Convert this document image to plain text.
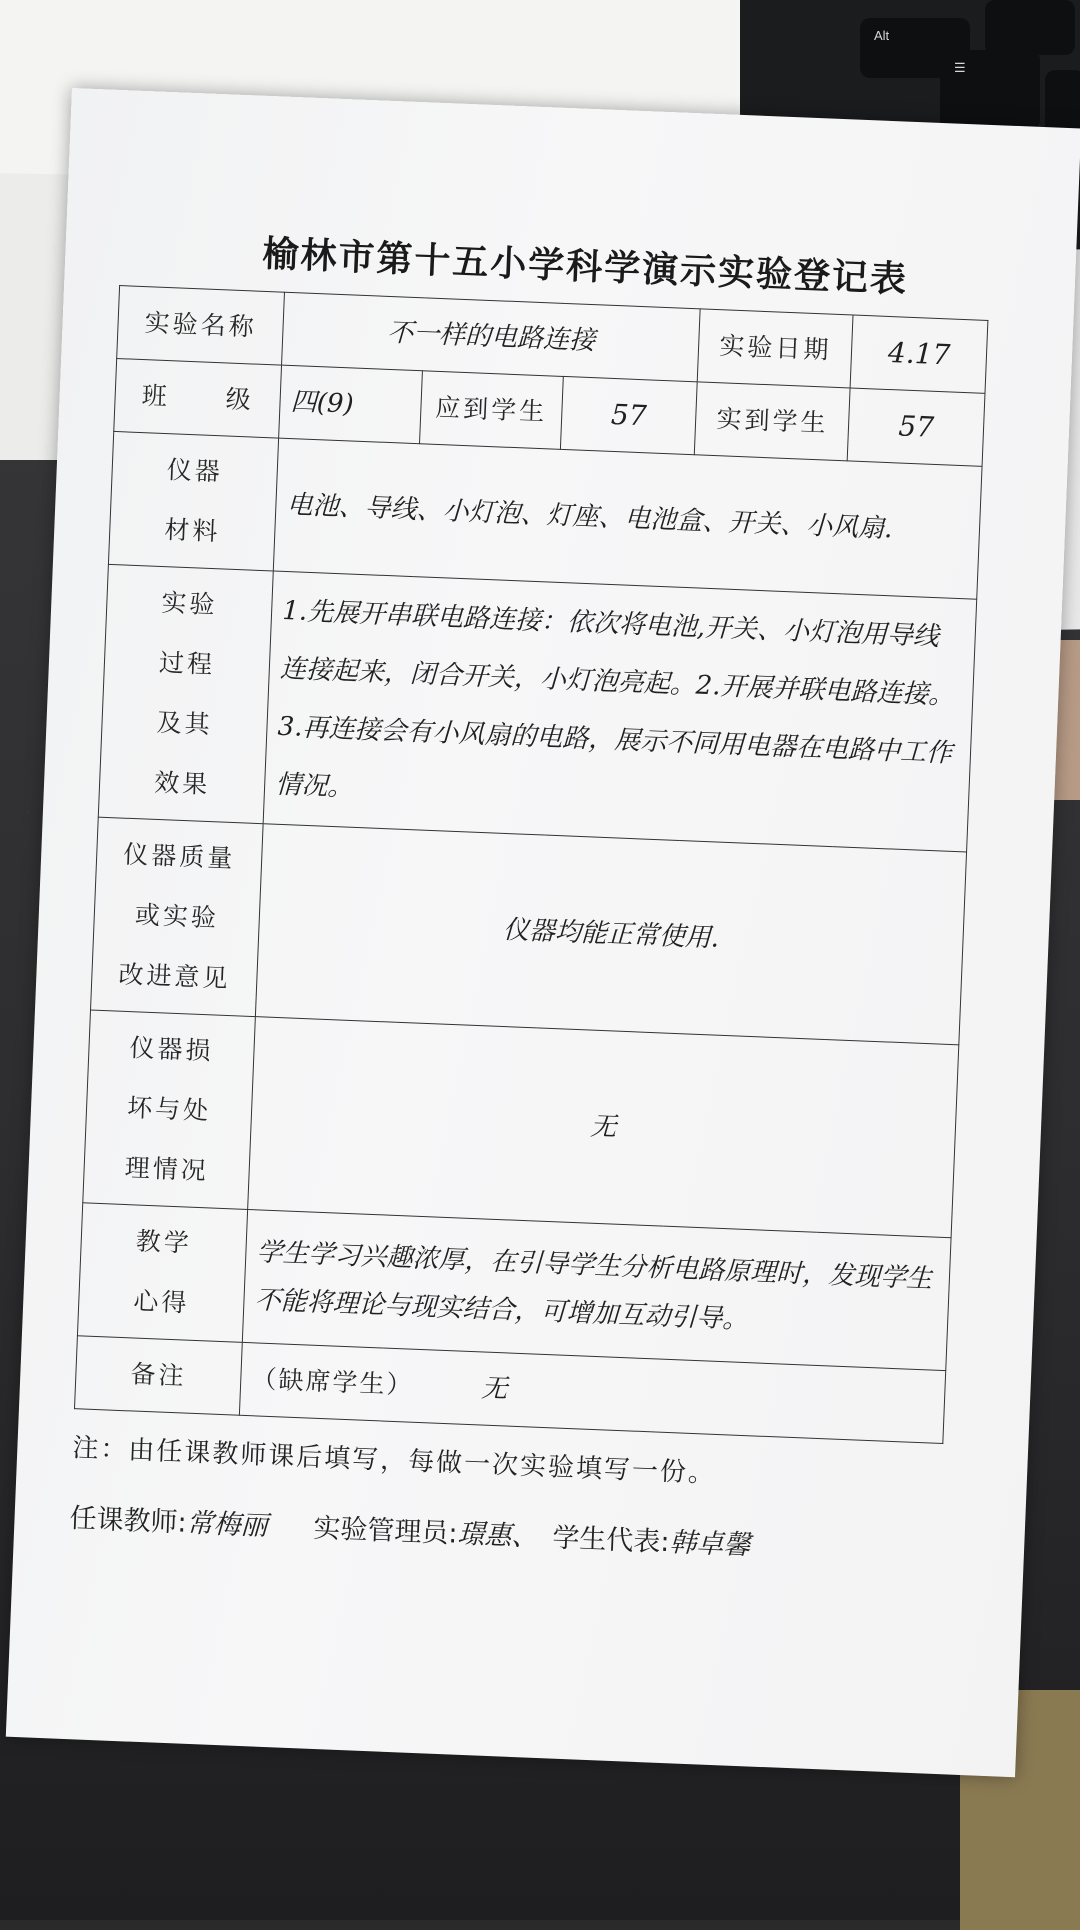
Alt
☰
榆林市第十五小学科学演示实验登记表
实验名称	不一样的电路连接			实验日期	4.17
班　　级	四(9)	应到学生	57	实到学生	57

仪器
材料	电池、导线、小灯泡、灯座、电池盒、开关、小风扇.				

实验
过程
及其
效果	1.先展开串联电路连接：依次将电池,开关、小灯泡用导线连接起来，闭合开关，小灯泡亮起。2.开展并联电路连接。 3.再连接会有小风扇的电路，展示不同用电器在电路中工作情况。				

仪器质量
或实验
改进意见	仪器均能正常使用.				

仪器损
坏与处
理情况	无				

教学
心得	学生学习兴趣浓厚，在引导学生分析电路原理时，发现学生不能将理论与现实结合，可增加互动引导。				
备注	（缺席学生） 无				
注：由任课教师课后填写，每做一次实验填写一份。
任课教师:
常梅丽 实验管理员:
璟惠、 学生代表:
韩卓馨
